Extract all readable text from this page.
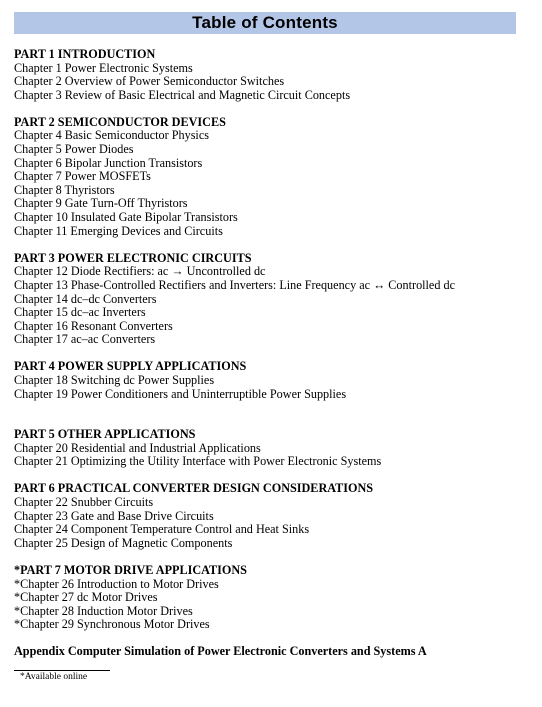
Table of Contents
PART 1 INTRODUCTION
Chapter 1 Power Electronic Systems
Chapter 2 Overview of Power Semiconductor Switches
Chapter 3 Review of Basic Electrical and Magnetic Circuit Concepts
PART 2 SEMICONDUCTOR DEVICES
Chapter 4 Basic Semiconductor Physics
Chapter 5 Power Diodes
Chapter 6 Bipolar Junction Transistors
Chapter 7 Power MOSFETs
Chapter 8 Thyristors
Chapter 9 Gate Turn-Off Thyristors
Chapter 10 Insulated Gate Bipolar Transistors
Chapter 11 Emerging Devices and Circuits
PART 3 POWER ELECTRONIC CIRCUITS
Chapter 12 Diode Rectifiers: ac → Uncontrolled dc
Chapter 13 Phase-Controlled Rectifiers and Inverters: Line Frequency ac ↔ Controlled dc
Chapter 14 dc–dc Converters
Chapter 15 dc–ac Inverters
Chapter 16 Resonant Converters
Chapter 17 ac–ac Converters
PART 4 POWER SUPPLY APPLICATIONS
Chapter 18 Switching dc Power Supplies
Chapter 19 Power Conditioners and Uninterruptible Power Supplies
PART 5 OTHER APPLICATIONS
Chapter 20 Residential and Industrial Applications
Chapter 21 Optimizing the Utility Interface with Power Electronic Systems
PART 6 PRACTICAL CONVERTER DESIGN CONSIDERATIONS
Chapter 22 Snubber Circuits
Chapter 23 Gate and Base Drive Circuits
Chapter 24 Component Temperature Control and Heat Sinks
Chapter 25 Design of Magnetic Components
*PART 7 MOTOR DRIVE APPLICATIONS
*Chapter 26 Introduction to Motor Drives
*Chapter 27 dc Motor Drives
*Chapter 28 Induction Motor Drives
*Chapter 29 Synchronous Motor Drives
Appendix Computer Simulation of Power Electronic Converters and Systems A
*Available online
